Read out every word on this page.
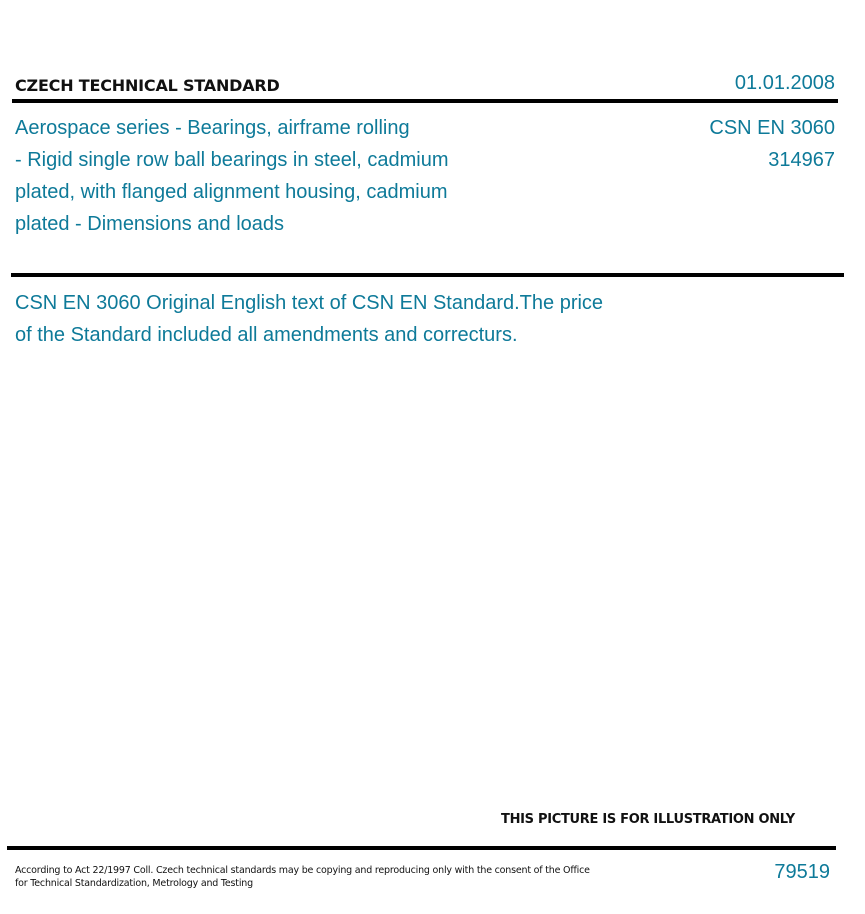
CZECH TECHNICAL STANDARD	01.01.2008
Aerospace series - Bearings, airframe rolling
- Rigid single row ball bearings in steel, cadmium
plated, with flanged alignment housing, cadmium
plated - Dimensions and loads
CSN EN 3060
314967
CSN EN 3060 Original English text of CSN EN Standard.The price
of the Standard included all amendments and correcturs.
THIS PICTURE IS FOR ILLUSTRATION ONLY
According to Act 22/1997 Coll. Czech technical standards may be copying and reproducing only with the consent of the Office
for Technical Standardization, Metrology and Testing
79519
